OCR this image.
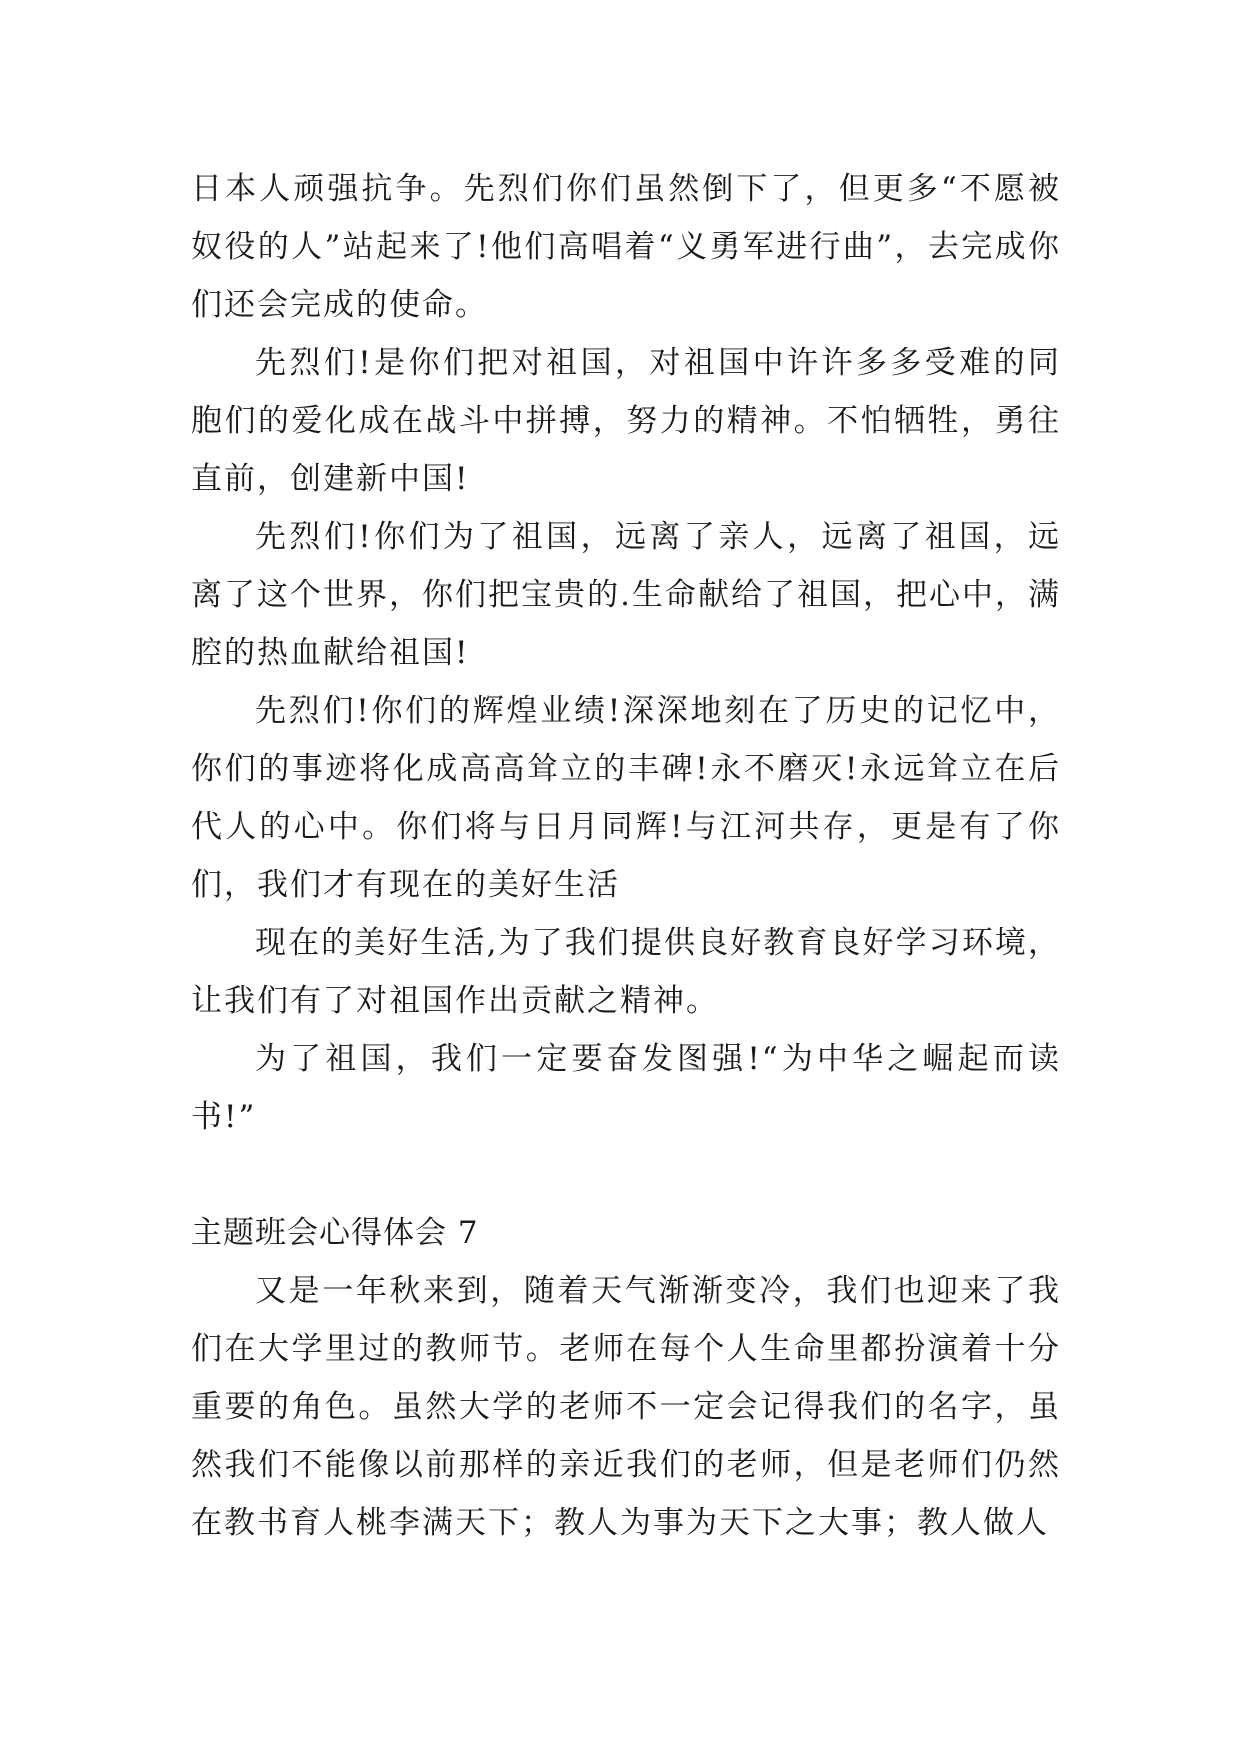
日本人顽强抗争。先烈们你们虽然倒下了，但更多“不愿被奴役的人”站起来了!他们高唱着“义勇军进行曲”，去完成你们还会完成的使命。

先烈们!是你们把对祖国，对祖国中许许多多受难的同胞们的爱化成在战斗中拼搏，努力的精神。不怕牺牲，勇往直前，创建新中国!

先烈们!你们为了祖国，远离了亲人，远离了祖国，远离了这个世界，你们把宝贵的.生命献给了祖国，把心中，满腔的热血献给祖国!

先烈们!你们的辉煌业绩!深深地刻在了历史的记忆中，你们的事迹将化成高高耸立的丰碑!永不磨灭!永远耸立在后代人的心中。你们将与日月同辉!与江河共存，更是有了你们，我们才有现在的美好生活

现在的美好生活,为了我们提供良好教育良好学习环境，让我们有了对祖国作出贡献之精神。

为了祖国，我们一定要奋发图强!“为中华之崛起而读书!”

主题班会心得体会 7

又是一年秋来到，随着天气渐渐变冷，我们也迎来了我们在大学里过的教师节。老师在每个人生命里都扮演着十分重要的角色。虽然大学的老师不一定会记得我们的名字，虽然我们不能像以前那样的亲近我们的老师，但是老师们仍然在教书育人桃李满天下；教人为事为天下之大事；教人做人
